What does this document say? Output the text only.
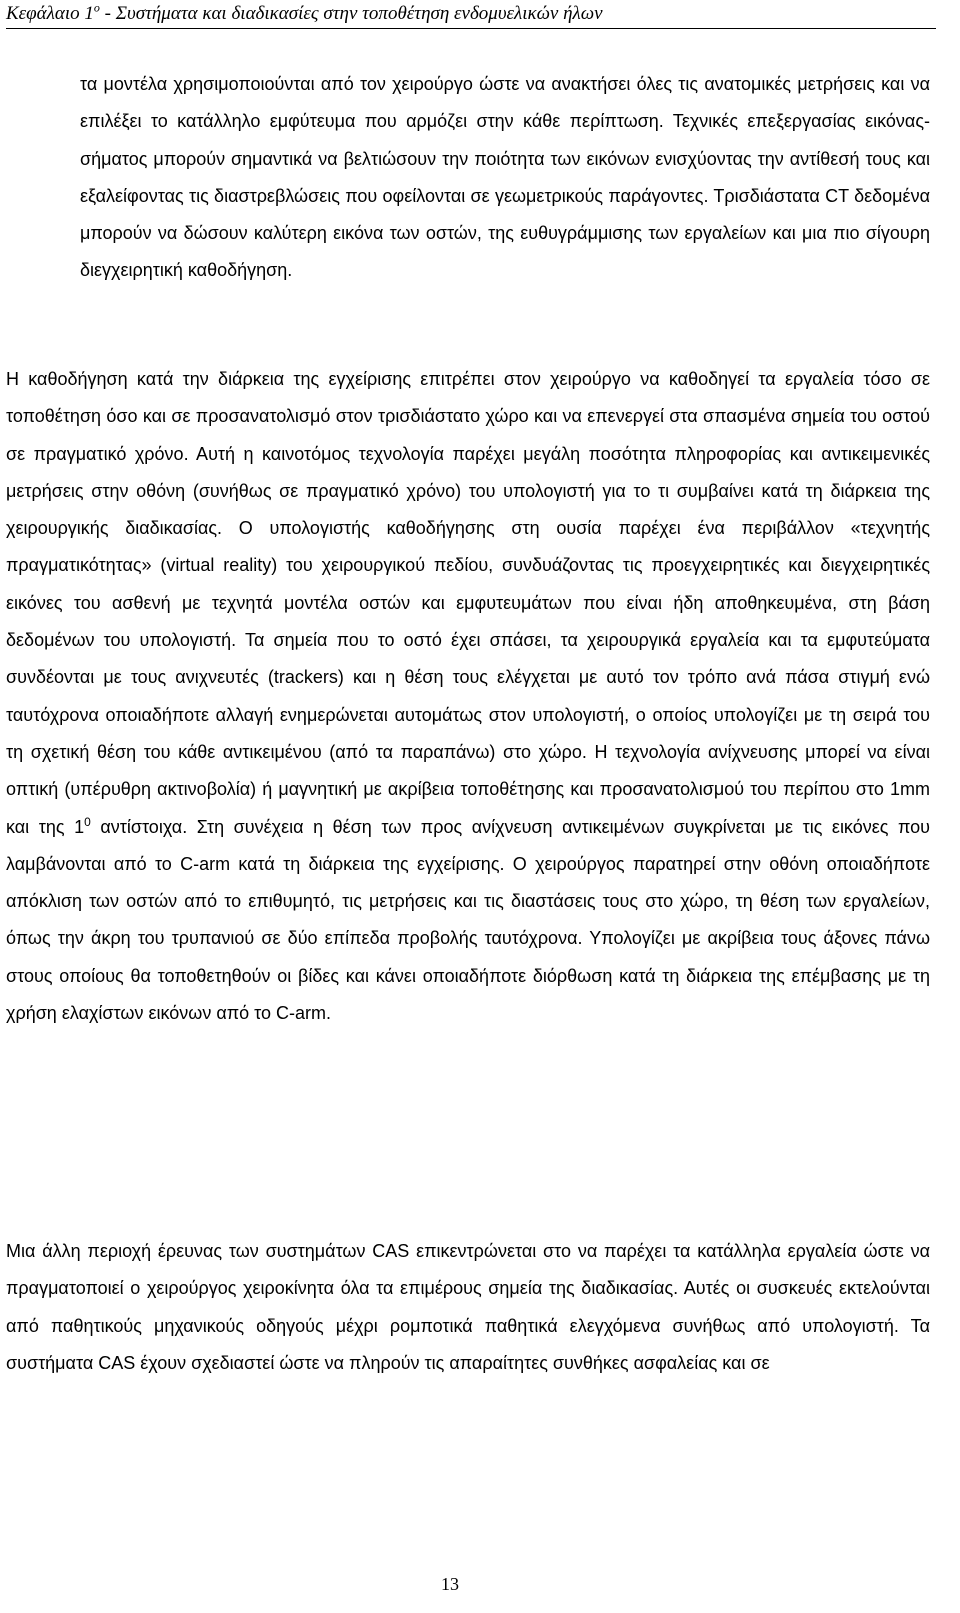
Κεφάλαιο $1^o$ - Συστήματα και διαδικασίες στην τοποθέτηση ενδομυελικών ήλων

τα μοντέλα χρησιμοποιούνται από τον χειρούργο ώστε να ανακτήσει όλες τις ανατομικές μετρήσεις και να επιλέξει το κατάλληλο εμφύτευμα που αρμόζει στην κάθε περίπτωση. Τεχνικές επεξεργασίας εικόνας-σήματος μπορούν σημαντικά να βελτιώσουν την ποιότητα των εικόνων ενισχύοντας την αντίθεσή τους και εξαλείφοντας τις διαστρεβλώσεις που οφείλονται σε γεωμετρικούς παράγοντες. Τρισδιάστατα CT δεδομένα μπορούν να δώσουν καλύτερη εικόνα των οστών, της ευθυγράμμισης των εργαλείων και μια πιο σίγουρη διεγχειρητική καθοδήγηση.

Η καθοδήγηση κατά την διάρκεια της εγχείρισης επιτρέπει στον χειρούργο να καθοδηγεί τα εργαλεία τόσο σε τοποθέτηση όσο και σε προσανατολισμό στον τρισδιάστατο χώρο και να επενεργεί στα σπασμένα σημεία του οστού σε πραγματικό χρόνο. Αυτή η καινοτόμος τεχνολογία παρέχει μεγάλη ποσότητα πληροφορίας και αντικειμενικές μετρήσεις στην οθόνη (συνήθως σε πραγματικό χρόνο) του υπολογιστή για το τι συμβαίνει κατά τη διάρκεια της χειρουργικής διαδικασίας. Ο υπολογιστής καθοδήγησης στη ουσία παρέχει ένα περιβάλλον «τεχνητής πραγματικότητας» (virtual reality) του χειρουργικού πεδίου, συνδυάζοντας τις προεγχειρητικές και διεγχειρητικές εικόνες του ασθενή με τεχνητά μοντέλα οστών και εμφυτευμάτων που είναι ήδη αποθηκευμένα, στη βάση δεδομένων του υπολογιστή. Τα σημεία που το οστό έχει σπάσει, τα χειρουργικά εργαλεία και τα εμφυτεύματα συνδέονται με τους ανιχνευτές (trackers) και η θέση τους ελέγχεται με αυτό τον τρόπο ανά πάσα στιγμή ενώ ταυτόχρονα οποιαδήποτε αλλαγή ενημερώνεται αυτομάτως στον υπολογιστή, ο οποίος υπολογίζει με τη σειρά του τη σχετική θέση του κάθε αντικειμένου (από τα παραπάνω) στο χώρο. Η τεχνολογία ανίχνευσης μπορεί να είναι οπτική (υπέρυθρη ακτινοβολία) ή μαγνητική με ακρίβεια τοποθέτησης και προσανατολισμού του περίπου στο 1mm και της $1^0$ αντίστοιχα. Στη συνέχεια η θέση των προς ανίχνευση αντικειμένων συγκρίνεται με τις εικόνες που λαμβάνονται από το C-arm κατά τη διάρκεια της εγχείρισης. Ο χειρούργος παρατηρεί στην οθόνη οποιαδήποτε απόκλιση των οστών από το επιθυμητό, τις μετρήσεις και τις διαστάσεις τους στο χώρο, τη θέση των εργαλείων, όπως την άκρη του τρυπανιού σε δύο επίπεδα προβολής ταυτόχρονα. Υπολογίζει με ακρίβεια τους άξονες πάνω στους οποίους θα τοποθετηθούν οι βίδες και κάνει οποιαδήποτε διόρθωση κατά τη διάρκεια της επέμβασης με τη χρήση ελαχίστων εικόνων από το C-arm.

Μια άλλη περιοχή έρευνας των συστημάτων CAS επικεντρώνεται στο να παρέχει τα κατάλληλα εργαλεία ώστε να πραγματοποιεί ο χειρούργος χειροκίνητα όλα τα επιμέρους σημεία της διαδικασίας. Αυτές οι συσκευές εκτελούνται από παθητικούς μηχανικούς οδηγούς μέχρι ρομποτικά παθητικά ελεγχόμενα συνήθως από υπολογιστή. Τα συστήματα CAS έχουν σχεδιαστεί ώστε να πληρούν τις απαραίτητες συνθήκες ασφαλείας και σε

13
